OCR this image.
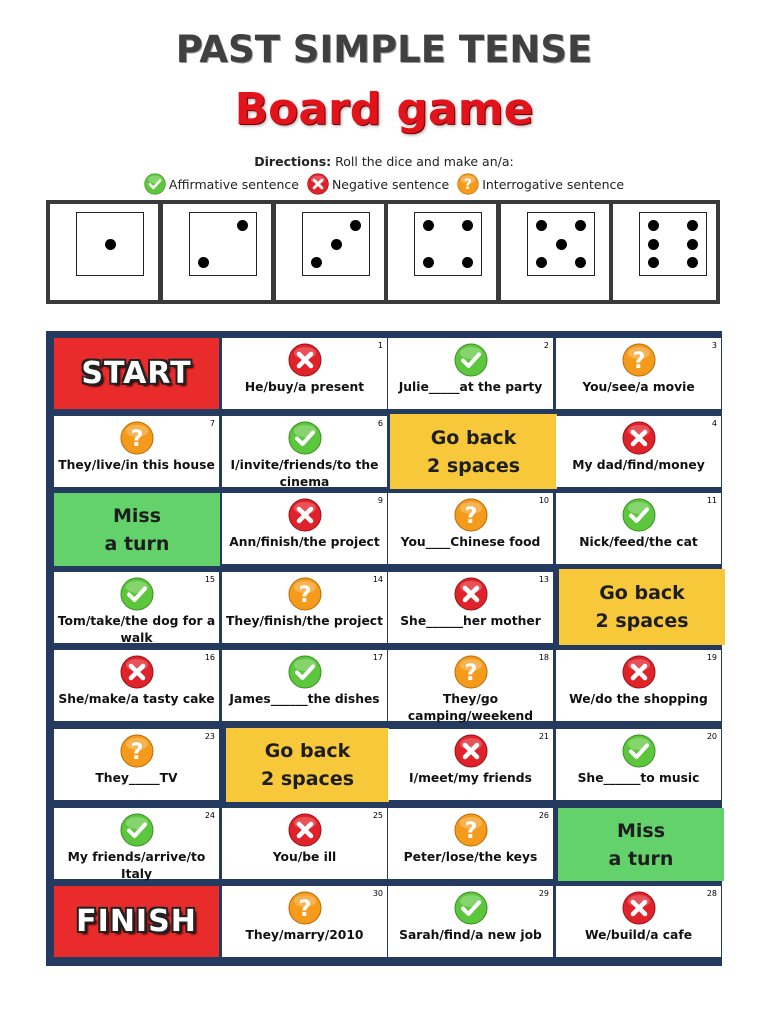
PAST SIMPLE TENSE
Board game
Directions: Roll the dice and make an/a:
Affirmative sentence
	Negative sentence
? Interrogative sentence
START
1
He/buy/a present
2
Julie_____at the party
3
?
You/see/a movie
7
?
They/live/in this house
6
I/invite/friends/to the cinema
Go back
2 spaces
4
My dad/find/money
Miss
a turn
9
Ann/finish/the project
10
?
You____Chinese food
11
Nick/feed/the cat
15
Tom/take/the dog for a walk
14
?
They/finish/the project
13
She______her mother
Go back
2 spaces
16
She/make/a tasty cake
17
James______the dishes
18
?
They/go camping/weekend
19
We/do the shopping
23
?
They_____TV
Go back
2 spaces
21
I/meet/my friends
20
She______to music
24
My friends/arrive/to Italy
25
You/be ill
26
?
Peter/lose/the keys
Miss
a turn
FINISH
30
?
They/marry/2010
29
Sarah/find/a new job
28
We/build/a cafe
